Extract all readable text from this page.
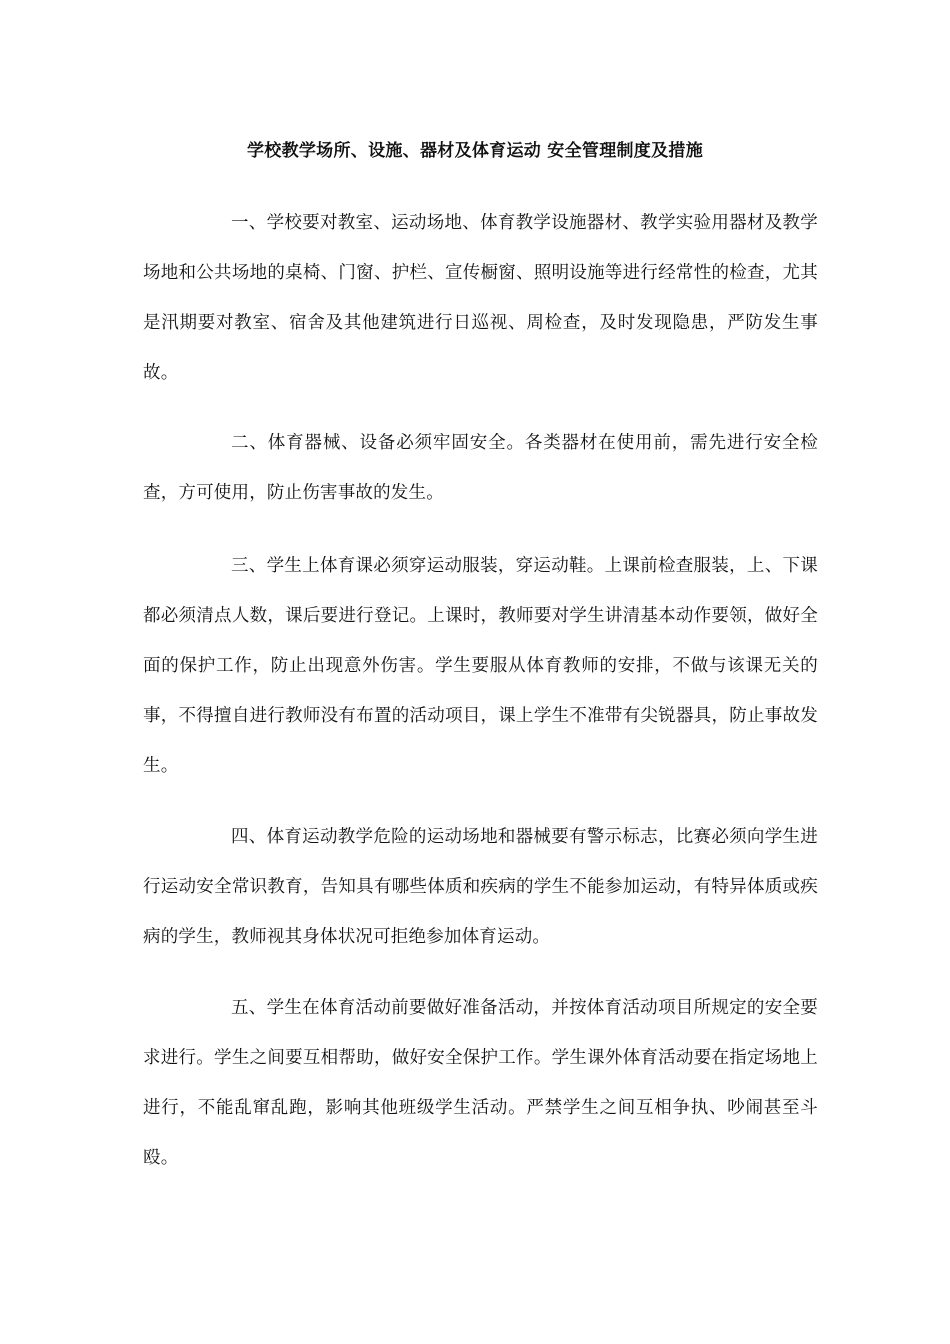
学校教学场所、设施、器材及体育运动 安全管理制度及措施

一、学校要对教室、运动场地、体育教学设施器材、教学实验用器材及教学场地和公共场地的桌椅、门窗、护栏、宣传橱窗、照明设施等进行经常性的检查，尤其是汛期要对教室、宿舍及其他建筑进行日巡视、周检查，及时发现隐患，严防发生事故。

二、体育器械、设备必须牢固安全。各类器材在使用前，需先进行安全检查，方可使用，防止伤害事故的发生。

三、学生上体育课必须穿运动服装，穿运动鞋。上课前检查服装，上、下课都必须清点人数，课后要进行登记。上课时，教师要对学生讲清基本动作要领，做好全面的保护工作，防止出现意外伤害。学生要服从体育教师的安排，不做与该课无关的事，不得擅自进行教师没有布置的活动项目，课上学生不准带有尖锐器具，防止事故发生。

四、体育运动教学危险的运动场地和器械要有警示标志，比赛必须向学生进行运动安全常识教育，告知具有哪些体质和疾病的学生不能参加运动，有特异体质或疾病的学生，教师视其身体状况可拒绝参加体育运动。

五、学生在体育活动前要做好准备活动，并按体育活动项目所规定的安全要求进行。学生之间要互相帮助，做好安全保护工作。学生课外体育活动要在指定场地上进行，不能乱窜乱跑，影响其他班级学生活动。严禁学生之间互相争执、吵闹甚至斗殴。
